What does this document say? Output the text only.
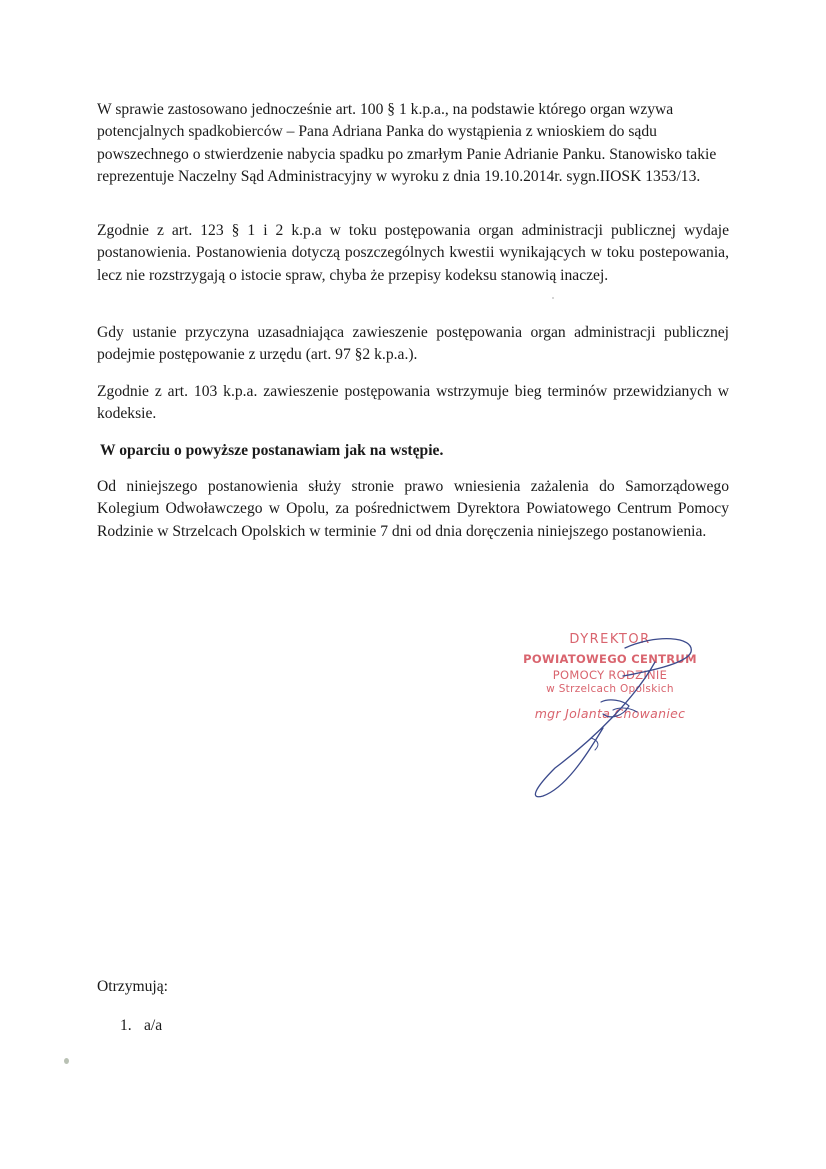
W sprawie zastosowano jednocześnie art. 100 § 1 k.p.a., na podstawie którego organ wzywa potencjalnych spadkobierców – Pana Adriana Panka do wystąpienia z wnioskiem do sądu powszechnego o stwierdzenie nabycia spadku po zmarłym Panie Adrianie Panku. Stanowisko takie reprezentuje Naczelny Sąd Administracyjny w wyroku z dnia 19.10.2014r. sygn.IIOSK 1353/13.

Zgodnie z art. 123 § 1 i 2 k.p.a w toku postępowania organ administracji publicznej wydaje postanowienia. Postanowienia dotyczą poszczególnych kwestii wynikających w toku postepowania, lecz nie rozstrzygają o istocie spraw, chyba że przepisy kodeksu stanowią inaczej.

Gdy ustanie przyczyna uzasadniająca zawieszenie postępowania organ administracji publicznej podejmie postępowanie z urzędu (art. 97 §2 k.p.a.).

Zgodnie z art. 103 k.p.a. zawieszenie postępowania wstrzymuje bieg terminów przewidzianych w kodeksie.

W oparciu o powyższe postanawiam jak na wstępie.

Od niniejszego postanowienia służy stronie prawo wniesienia zażalenia do Samorządowego Kolegium Odwoławczego w Opolu, za pośrednictwem Dyrektora Powiatowego Centrum Pomocy Rodzinie w Strzelcach Opolskich w terminie 7 dni od dnia doręczenia niniejszego postanowienia.

DYREKTOR
POWIATOWEGO CENTRUM
POMOCY RODZINIE
w Strzelcach Opolskich
mgr Jolanta Chowaniec

Otrzymują:

1. a/a
